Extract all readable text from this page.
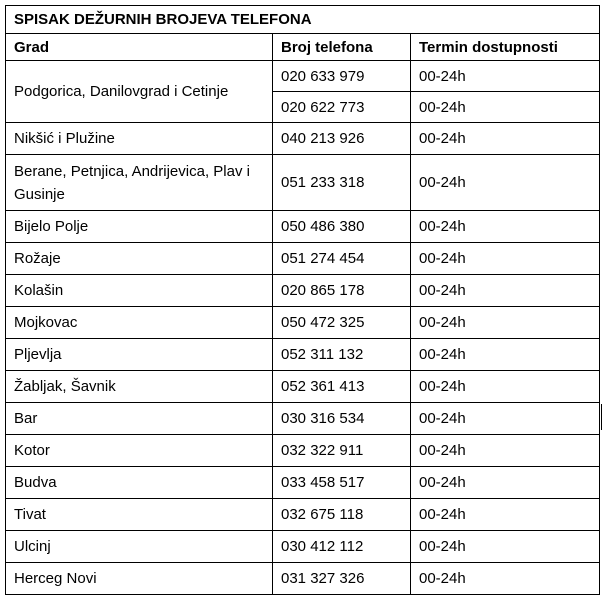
SPISAK DEŽURNIH BROJEVA TELEFONA		
Grad	Broj telefona	Termin dostupnosti
Podgorica, Danilovgrad i Cetinje	020 633 979	00-24h
	020 622 773	00-24h
Nikšić i Plužine	040 213 926	00-24h
Berane, Petnjica, Andrijevica, Plav i Gusinje	051 233 318	00-24h
Bijelo Polje	050 486 380	00-24h
Rožaje	051 274 454	00-24h
Kolašin	020 865 178	00-24h
Mojkovac	050 472 325	00-24h
Pljevlja	052 311 132	00-24h
Žabljak, Šavnik	052 361 413	00-24h
Bar	030 316 534	00-24h
Kotor	032 322 911	00-24h
Budva	033 458 517	00-24h
Tivat	032 675 118	00-24h
Ulcinj	030 412 112	00-24h
Herceg Novi	031 327 326	00-24h
